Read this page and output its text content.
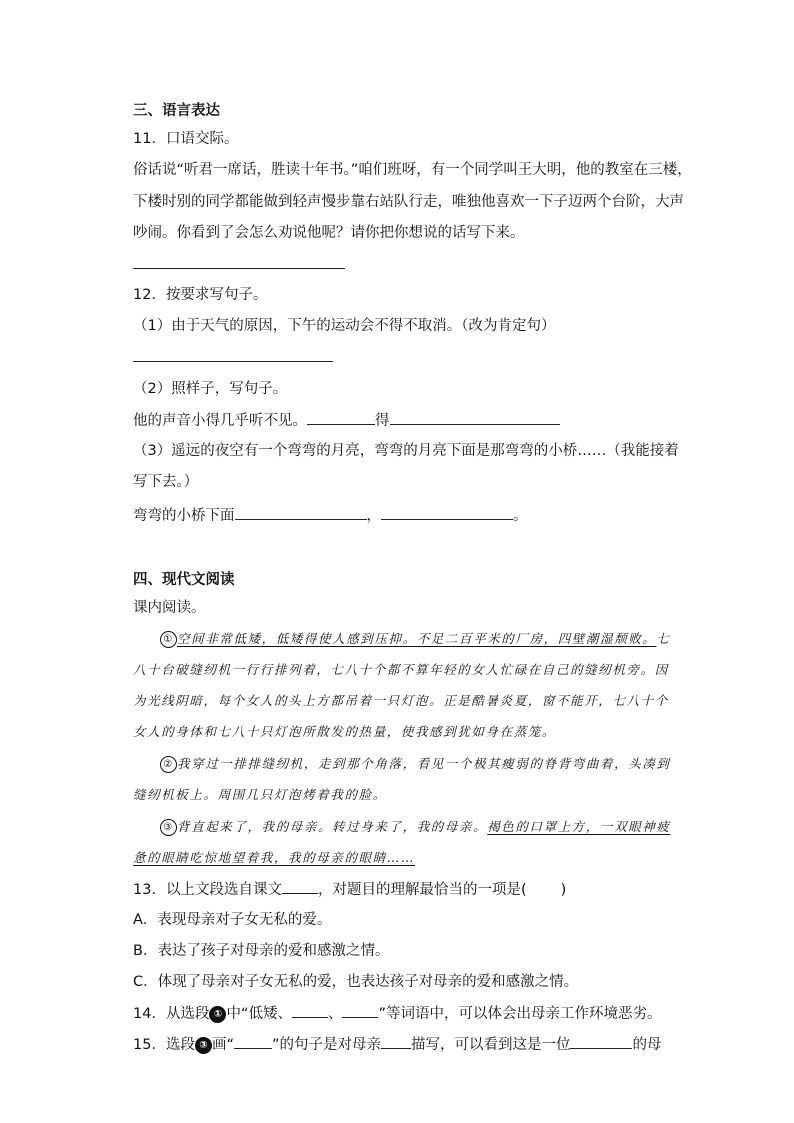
三、语言表达
11．口语交际。
俗话说“听君一席话，胜读十年书。”咱们班呀，有一个同学叫王大明，他的教室在三楼，
下楼时别的同学都能做到轻声慢步靠右站队行走，唯独他喜欢一下子迈两个台阶，大声
吵闹。你看到了会怎么劝说他呢？请你把你想说的话写下来。
12．按要求写句子。
（1）由于天气的原因，下午的运动会不得不取消。（改为肯定句）
（2）照样子，写句子。
他的声音小得几乎听不见。	得
（3）遥远的夜空有一个弯弯的月亮，弯弯的月亮下面是那弯弯的小桥……（我能接着
写下去。）
弯弯的小桥下面	，	。
四、现代文阅读
课内阅读。
① 空间非常低矮，低矮得使人感到压抑。不足二百平米的厂房，四壁潮湿颓败。七
八十台破缝纫机一行行排列着，七八十个都不算年轻的女人忙碌在自己的缝纫机旁。因
为光线阴暗，每个女人的头上方都吊着一只灯泡。正是酷暑炎夏，窗不能开，七八十个
女人的身体和七八十只灯泡所散发的热量，使我感到犹如身在蒸笼。
② 我穿过一排排缝纫机，走到那个角落，看见一个极其瘦弱的脊背弯曲着，头凑到
缝纫机板上。周围几只灯泡烤着我的脸。
③ 背直起来了，我的母亲。转过身来了，我的母亲。褐色的口罩上方，一双眼神疲
惫的眼睛吃惊地望着我，我的母亲的眼睛……
13．以上文段选自课文 ，对题目的理解最恰当的一项是( )
A．表现母亲对子女无私的爱。
B．表达了孩子对母亲的爱和感激之情。
C．体现了母亲对子女无私的爱，也表达孩子对母亲的爱和感激之情。
14．从选段 ① 中“低矮、 、 ”等词语中，可以体会出母亲工作环境恶劣。
15．选段 ③ 画“	”的句子是对母亲 描写，可以看到这是一位	的母
